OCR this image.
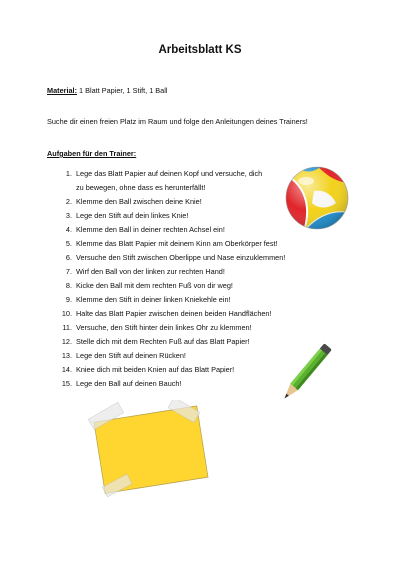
Arbeitsblatt KS
Material: 1 Blatt Papier, 1 Stift, 1 Ball
Suche dir einen freien Platz im Raum und folge den Anleitungen deines Trainers!
Aufgaben für den Trainer:
1. Lege das Blatt Papier auf deinen Kopf und versuche, dich
zu bewegen, ohne dass es herunterfällt!
2. Klemme den Ball zwischen deine Knie!
3. Lege den Stift auf dein linkes Knie!
4. Klemme den Ball in deiner rechten Achsel ein!
5. Klemme das Blatt Papier mit deinem Kinn am Oberkörper fest!
6. Versuche den Stift zwischen Oberlippe und Nase einzuklemmen!
7. Wirf den Ball von der linken zur rechten Hand!
8. Kicke den Ball mit dem rechten Fuß von dir weg!
9. Klemme den Stift in deiner linken Kniekehle ein!
10. Halte das Blatt Papier zwischen deinen beiden Handflächen!
11. Versuche, den Stift hinter dein linkes Ohr zu klemmen!
12. Stelle dich mit dem Rechten Fuß auf das Blatt Papier!
13. Lege den Stift auf deinen Rücken!
14. Kniee dich mit beiden Knien auf das Blatt Papier!
15. Lege den Ball auf deinen Bauch!
